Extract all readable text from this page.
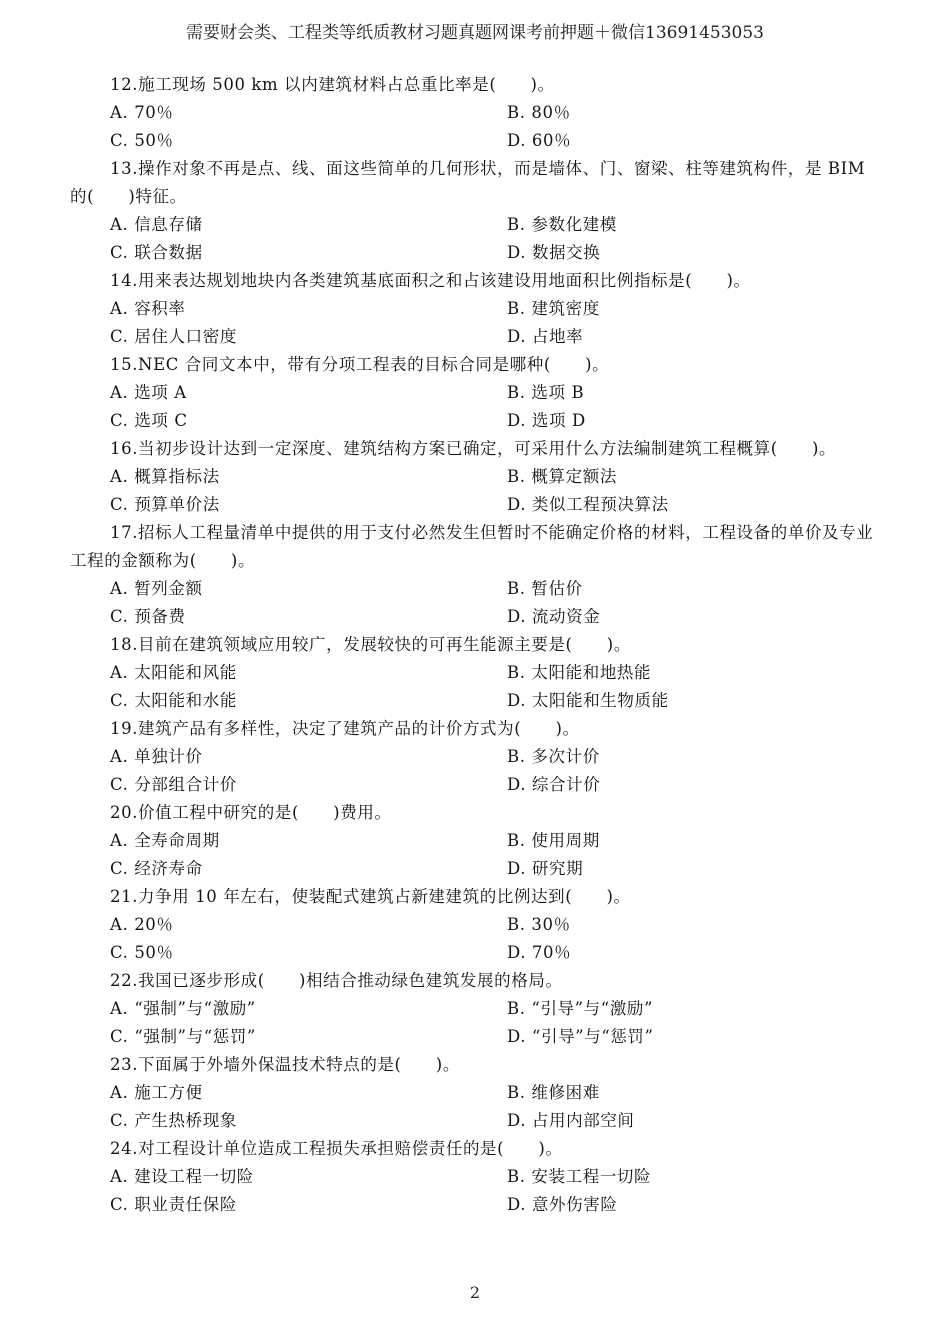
需要财会类、工程类等纸质教材习题真题网课考前押题＋微信13691453053

12.施工现场 500 km 以内建筑材料占总重比率是(　　)。

A. 70％	B. 80％
C. 50％	D. 60％

13.操作对象不再是点、线、面这些简单的几何形状，而是墙体、门、窗梁、柱等建筑构件，是 BIM 的(　　)特征。

A. 信息存储	B. 参数化建模
C. 联合数据	D. 数据交换

14.用来表达规划地块内各类建筑基底面积之和占该建设用地面积比例指标是(　　)。

A. 容积率	B. 建筑密度
C. 居住人口密度	D. 占地率

15.NEC 合同文本中，带有分项工程表的目标合同是哪种(　　)。

A. 选项 A	B. 选项 B
C. 选项 C	D. 选项 D

16.当初步设计达到一定深度、建筑结构方案已确定，可采用什么方法编制建筑工程概算(　　)。

A. 概算指标法	B. 概算定额法
C. 预算单价法	D. 类似工程预决算法

17.招标人工程量清单中提供的用于支付必然发生但暂时不能确定价格的材料，工程设备的单价及专业工程的金额称为(　　)。

A. 暂列金额	B. 暂估价
C. 预备费	D. 流动资金

18.目前在建筑领域应用较广，发展较快的可再生能源主要是(　　)。

A. 太阳能和风能	B. 太阳能和地热能
C. 太阳能和水能	D. 太阳能和生物质能

19.建筑产品有多样性，决定了建筑产品的计价方式为(　　)。

A. 单独计价	B. 多次计价
C. 分部组合计价	D. 综合计价

20.价值工程中研究的是(　　)费用。

A. 全寿命周期	B. 使用周期
C. 经济寿命	D. 研究期

21.力争用 10 年左右，使装配式建筑占新建建筑的比例达到(　　)。

A. 20％	B. 30％
C. 50％	D. 70％

22.我国已逐步形成(　　)相结合推动绿色建筑发展的格局。

A. “强制”与“激励”	B. “引导”与“激励”
C. “强制”与“惩罚”	D. “引导”与“惩罚”

23.下面属于外墙外保温技术特点的是(　　)。

A. 施工方便	B. 维修困难
C. 产生热桥现象	D. 占用内部空间

24.对工程设计单位造成工程损失承担赔偿责任的是(　　)。

A. 建设工程一切险	B. 安装工程一切险
C. 职业责任保险	D. 意外伤害险
2
